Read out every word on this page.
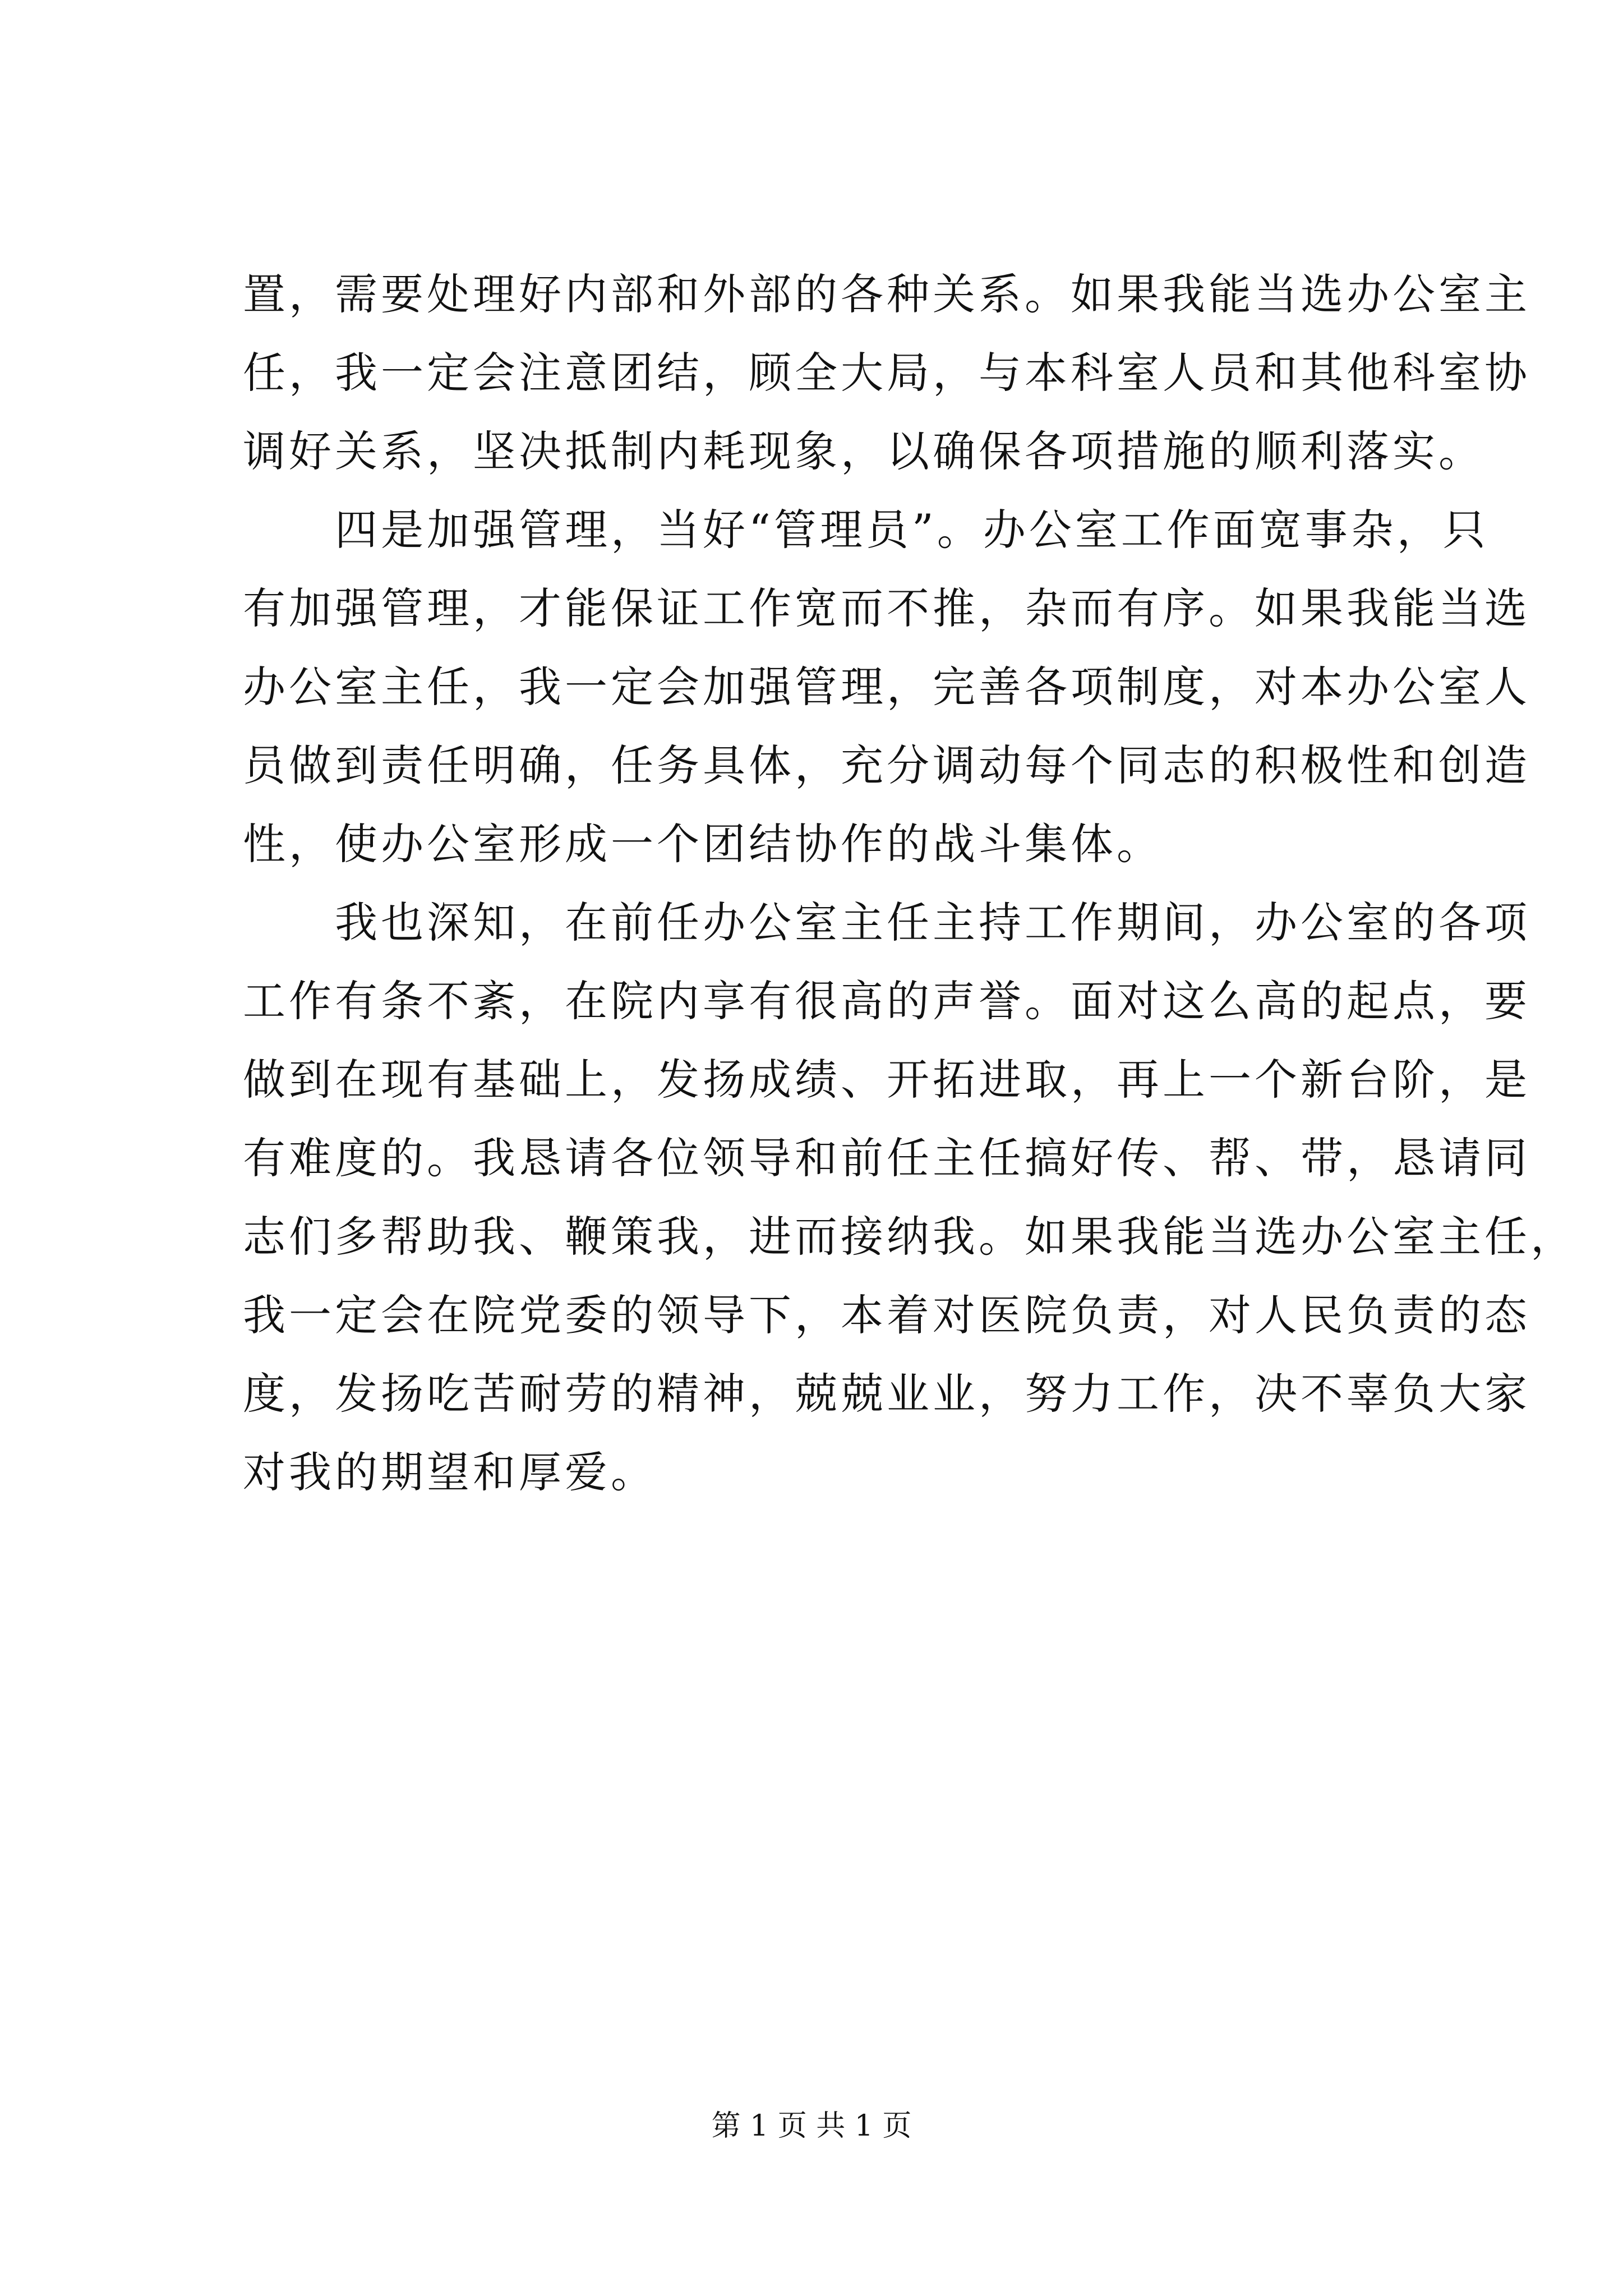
置，需要处理好内部和外部的各种关系。如果我能当选办公室主
任，我一定会注意团结，顾全大局，与本科室人员和其他科室协
调好关系，坚决抵制内耗现象，以确保各项措施的顺利落实。
　　四是加强管理，当好“管理员”。办公室工作面宽事杂，只
有加强管理，才能保证工作宽而不推，杂而有序。如果我能当选
办公室主任，我一定会加强管理，完善各项制度，对本办公室人
员做到责任明确，任务具体，充分调动每个同志的积极性和创造
性，使办公室形成一个团结协作的战斗集体。
　　我也深知，在前任办公室主任主持工作期间，办公室的各项
工作有条不紊，在院内享有很高的声誉。面对这么高的起点，要
做到在现有基础上，发扬成绩、开拓进取，再上一个新台阶，是
有难度的。我恳请各位领导和前任主任搞好传、帮、带，恳请同
志们多帮助我、鞭策我，进而接纳我。如果我能当选办公室主任，
我一定会在院党委的领导下，本着对医院负责，对人民负责的态
度，发扬吃苦耐劳的精神，兢兢业业，努力工作，决不辜负大家
对我的期望和厚爱。
第 1 页 共 1 页
